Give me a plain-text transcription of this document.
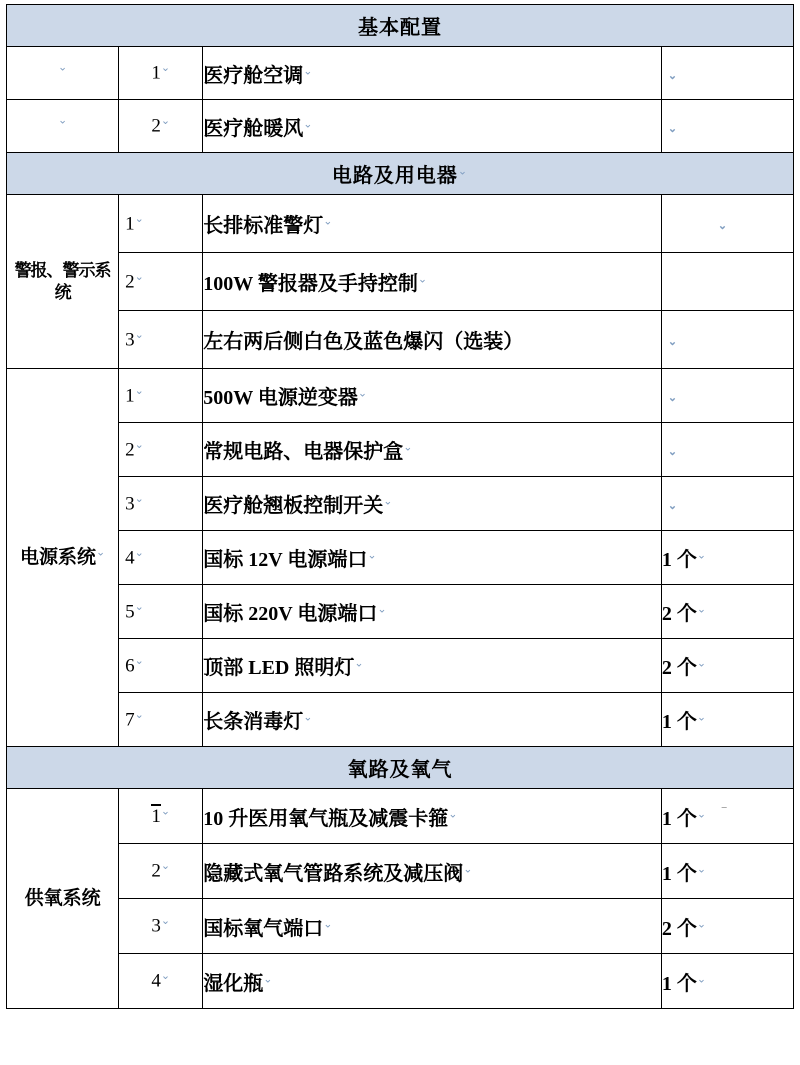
基本配置			
⌄	1⌄	医疗舱空调⌄	⌄
⌄	2⌄	医疗舱暖风⌄	⌄
电路及用电器⌄
警报、警示系统	1⌄	长排标准警灯⌄	⌄
	2⌄	100W 警报器及手持控制⌄	
	3⌄	左右两后侧白色及蓝色爆闪（选装）	⌄
电源系统⌄	1⌄	500W 电源逆变器⌄	⌄
	2⌄	常规电路、电器保护盒⌄	⌄
	3⌄	医疗舱翘板控制开关⌄	⌄
	4⌄	国标 12V 电源端口⌄	1 个⌄
	5⌄	国标 220V 电源端口⌄	2 个⌄
	6⌄	顶部 LED 照明灯⌄	2 个⌄
	7⌄	长条消毒灯⌄	1 个⌄
氧路及氧气			
供氧系统	1⌄	10 升医用氧气瓶及减震卡箍⌄	1 个⌄ ‾
	2⌄	隐藏式氧气管路系统及减压阀⌄	1 个⌄
	3⌄	国标氧气端口⌄	2 个⌄
	4⌄	湿化瓶⌄	1 个⌄
